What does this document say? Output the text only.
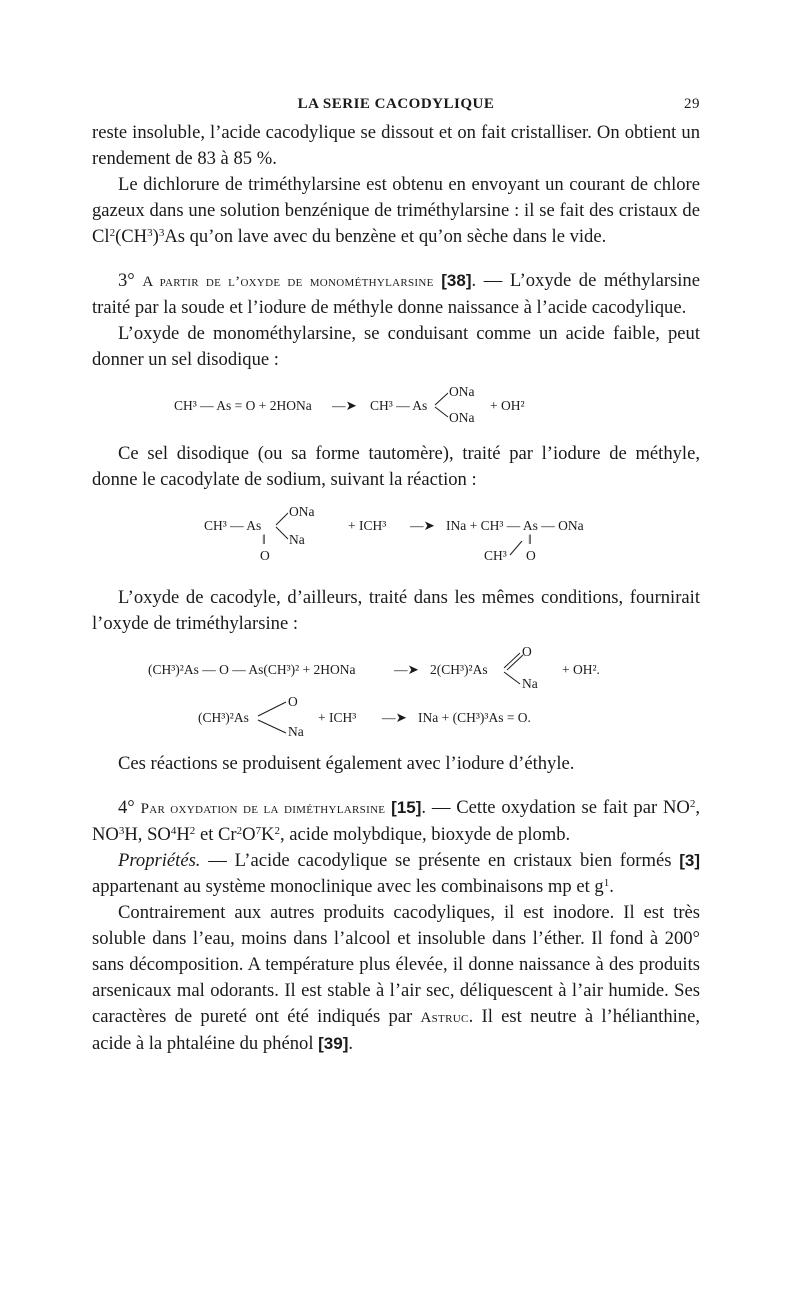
LA SERIE CACODYLIQUE	29

reste insoluble, l’acide cacodylique se dissout et on fait cristalliser. On obtient un rendement de 83 à 85 %.

Le dichlorure de triméthylarsine est obtenu en envoyant un courant de chlore gazeux dans une solution benzénique de triméthylarsine : il se fait des cristaux de $Cl^2(CH^3)^3As$ qu’on lave avec du benzène et qu’on sèche dans le vide.

3° A partir de l’oxyde de monométhylarsine [38]. — L’oxyde de méthylarsine traité par la soude et l’iodure de méthyle donne naissance à l’acide cacodylique.

L’oxyde de monométhylarsine, se conduisant comme un acide faible, peut donner un sel disodique :

CH³ — As = O + 2HONa —➤ CH³ — As
ONa
ONa
+ OH²

Ce sel disodique (ou sa forme tautomère), traité par l’iodure de méthyle, donne le cacodylate de sodium, suivant la réaction :

CH³ — As
ONa
Na
‖
O
+ ICH³ —➤ INa + CH³ — As — ONa
‖
CH³ O

L’oxyde de cacodyle, d’ailleurs, traité dans les mêmes conditions, fournirait l’oxyde de triméthylarsine :

(CH³)²As — O — As(CH³)² + 2HONa	—➤ 2(CH³)²As
O
Na
+ OH².
(CH³)²As
O
Na
+ ICH³ —➤ INa + (CH³)³As = O.

Ces réactions se produisent également avec l’iodure d’éthyle.

4° Par oxydation de la diméthylarsine [15]. — Cette oxydation se fait par $NO^2$, $NO^3H$, $SO^4H^2$ et $Cr^2O^7K^2$, acide molybdique, bioxyde de plomb.

Propriétés. — L’acide cacodylique se présente en cristaux bien formés [3] appartenant au système monoclinique avec les combinaisons mp et $g^1$.

Contrairement aux autres produits cacodyliques, il est inodore. Il est très soluble dans l’eau, moins dans l’alcool et insoluble dans l’éther. Il fond à 200° sans décomposition. A température plus élevée, il donne naissance à des produits arsenicaux mal odorants. Il est stable à l’air sec, déliquescent à l’air humide. Ses caractères de pureté ont été indiqués par Astruc. Il est neutre à l’hélianthine, acide à la phtaléine du phénol [39].
